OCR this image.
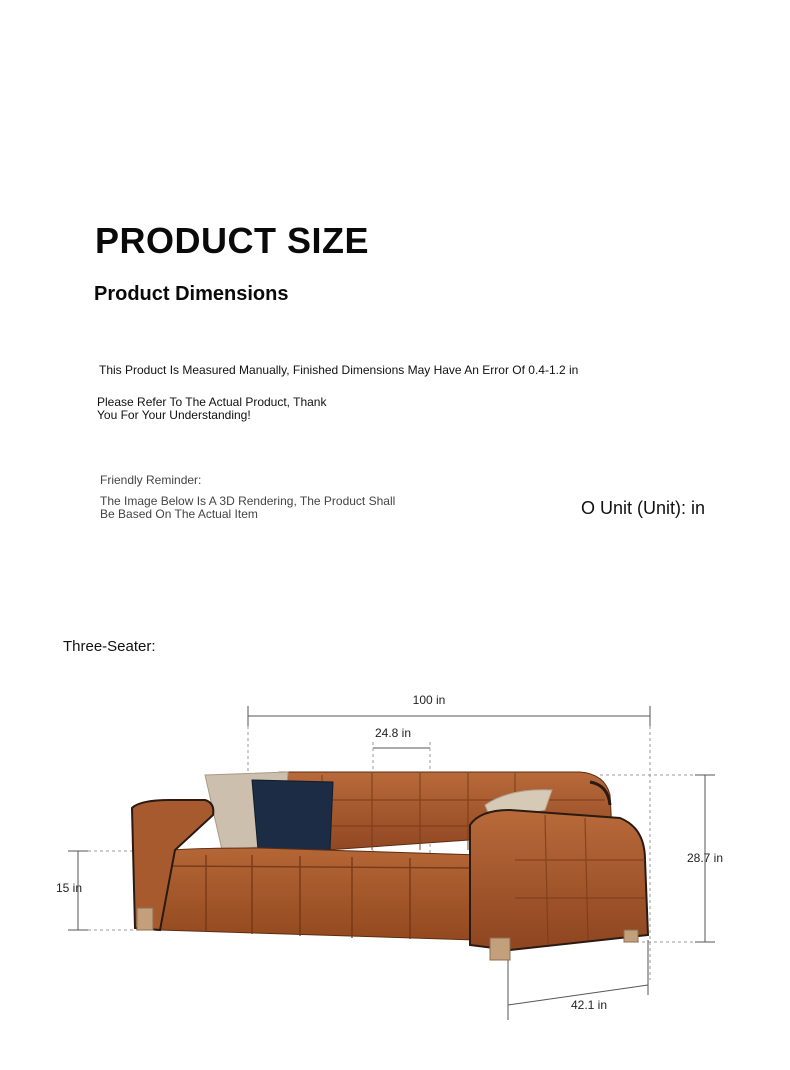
PRODUCT SIZE
Product Dimensions
This Product Is Measured Manually, Finished Dimensions May Have An Error Of 0.4-1.2 in
Please Refer To The Actual Product, Thank You For Your Understanding!
Friendly Reminder:
The Image Below Is A 3D Rendering, The Product Shall Be Based On The Actual Item	O Unit (Unit): in
Three-Seater:
100 in
24.8 in
28.7 in
15 in
42.1 in
